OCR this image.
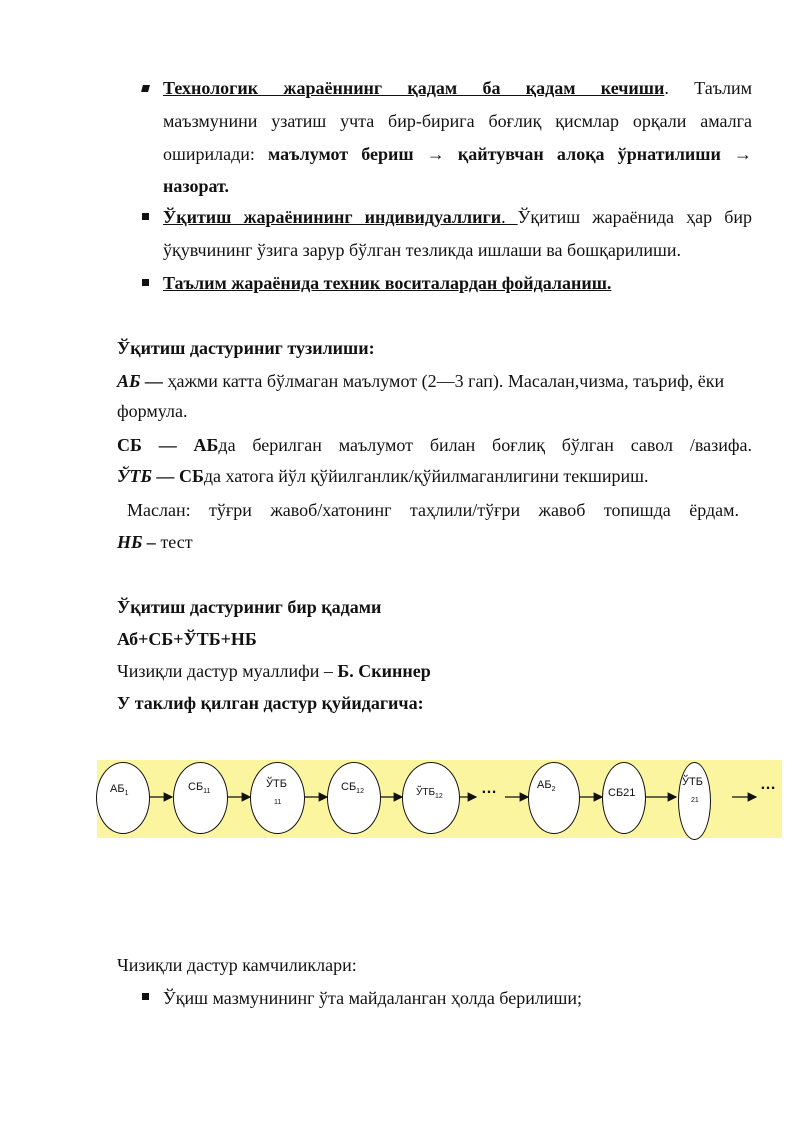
Технологик жараённинг қадам ба қадам кечиши. Таълим
маъзмунини узатиш учта бир-бирига боғлиқ қисмлар орқали амалга
оширилади: маълумот бериш → қайтувчан алоқа ўрнатилиши →
назорат.
Ўқитиш жараёнининг индивидуаллиги. Ўқитиш жараёнида ҳар бир
ўқувчининг ўзига зарур бўлган тезликда ишлаши ва бошқарилиши.
Таълим жараёнида техник воситалардан фойдаланиш.
Ўқитиш дастуриниг тузилиши:
АБ — ҳажми катта бўлмаган маълумот (2—3 гап). Масалан,чизма, таъриф, ёки
формула.
СБ — АБда берилган маълумот билан боғлиқ бўлган савол /вазифа.
ЎТБ — СБда хатога йўл қўйилганлик/қўйилмаганлигини текшириш.
Маслан: тўғри жавоб/хатонинг таҳлили/тўғри жавоб топишда ёрдам.
НБ – тест
Ўқитиш дастуриниг бир қадами
Аб+СБ+ЎТБ+НБ
Чизиқли дастур муаллифи – Б. Скиннер
У таклиф қилган дастур қуйидагича:
$АБ_1$
$СБ_{11}$
ЎТБ
11
$СБ_{12}$	$ЎТБ_{12}$ …	$АБ_2$	СБ21
ЎТБ
21
…
Чизиқли дастур камчиликлари:
Ўқиш мазмунининг ўта майдаланган ҳолда берилиши;
